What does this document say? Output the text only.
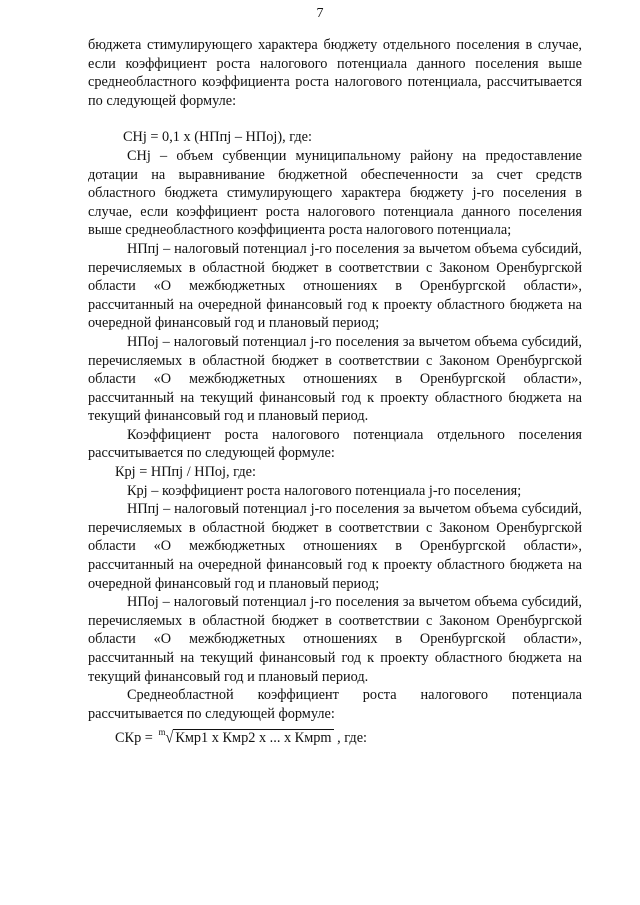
7

бюджета стимулирующего характера бюджету отдельного поселения в случае, если коэффициент роста налогового потенциала данного поселения выше среднеобластного коэффициента роста налогового потенциала, рассчитывается по следующей формуле:

СНj = 0,1 х (НПпj – НПоj), где:

СНj – объем субвенции муниципальному району на предоставление дотации на выравнивание бюджетной обеспеченности за счет средств областного бюджета стимулирующего характера бюджету j-го поселения в случае, если коэффициент роста налогового потенциала данного поселения выше среднеобластного коэффициента роста налогового потенциала;

НПпj – налоговый потенциал j-го поселения за вычетом объема субсидий, перечисляемых в областной бюджет в соответствии с Законом Оренбургской области «О межбюджетных отношениях в Оренбургской области», рассчитанный на очередной финансовый год к проекту областного бюджета на очередной финансовый год и плановый период;

НПоj – налоговый потенциал j-го поселения за вычетом объема субсидий, перечисляемых в областной бюджет в соответствии с Законом Оренбургской области «О межбюджетных отношениях в Оренбургской области», рассчитанный на текущий финансовый год к проекту областного бюджета на текущий финансовый год и плановый период.

Коэффициент роста налогового потенциала отдельного поселения рассчитывается по следующей формуле:

Крj = НПпj / НПоj, где:

Крj – коэффициент роста налогового потенциала j-го поселения;

НПпj – налоговый потенциал j-го поселения за вычетом объема субсидий, перечисляемых в областной бюджет в соответствии с Законом Оренбургской области «О межбюджетных отношениях в Оренбургской области», рассчитанный на очередной финансовый год к проекту областного бюджета на очередной финансовый год и плановый период;

НПоj – налоговый потенциал j-го поселения за вычетом объема субсидий, перечисляемых в областной бюджет в соответствии с Законом Оренбургской области «О межбюджетных отношениях в Оренбургской области», рассчитанный на текущий финансовый год к проекту областного бюджета на текущий финансовый год и плановый период.

Среднеобластной коэффициент роста налогового потенциала рассчитывается по следующей формуле:

СКр = $^m$√ Кмр1 х Кмр2 х ... х Кмрm , где:
